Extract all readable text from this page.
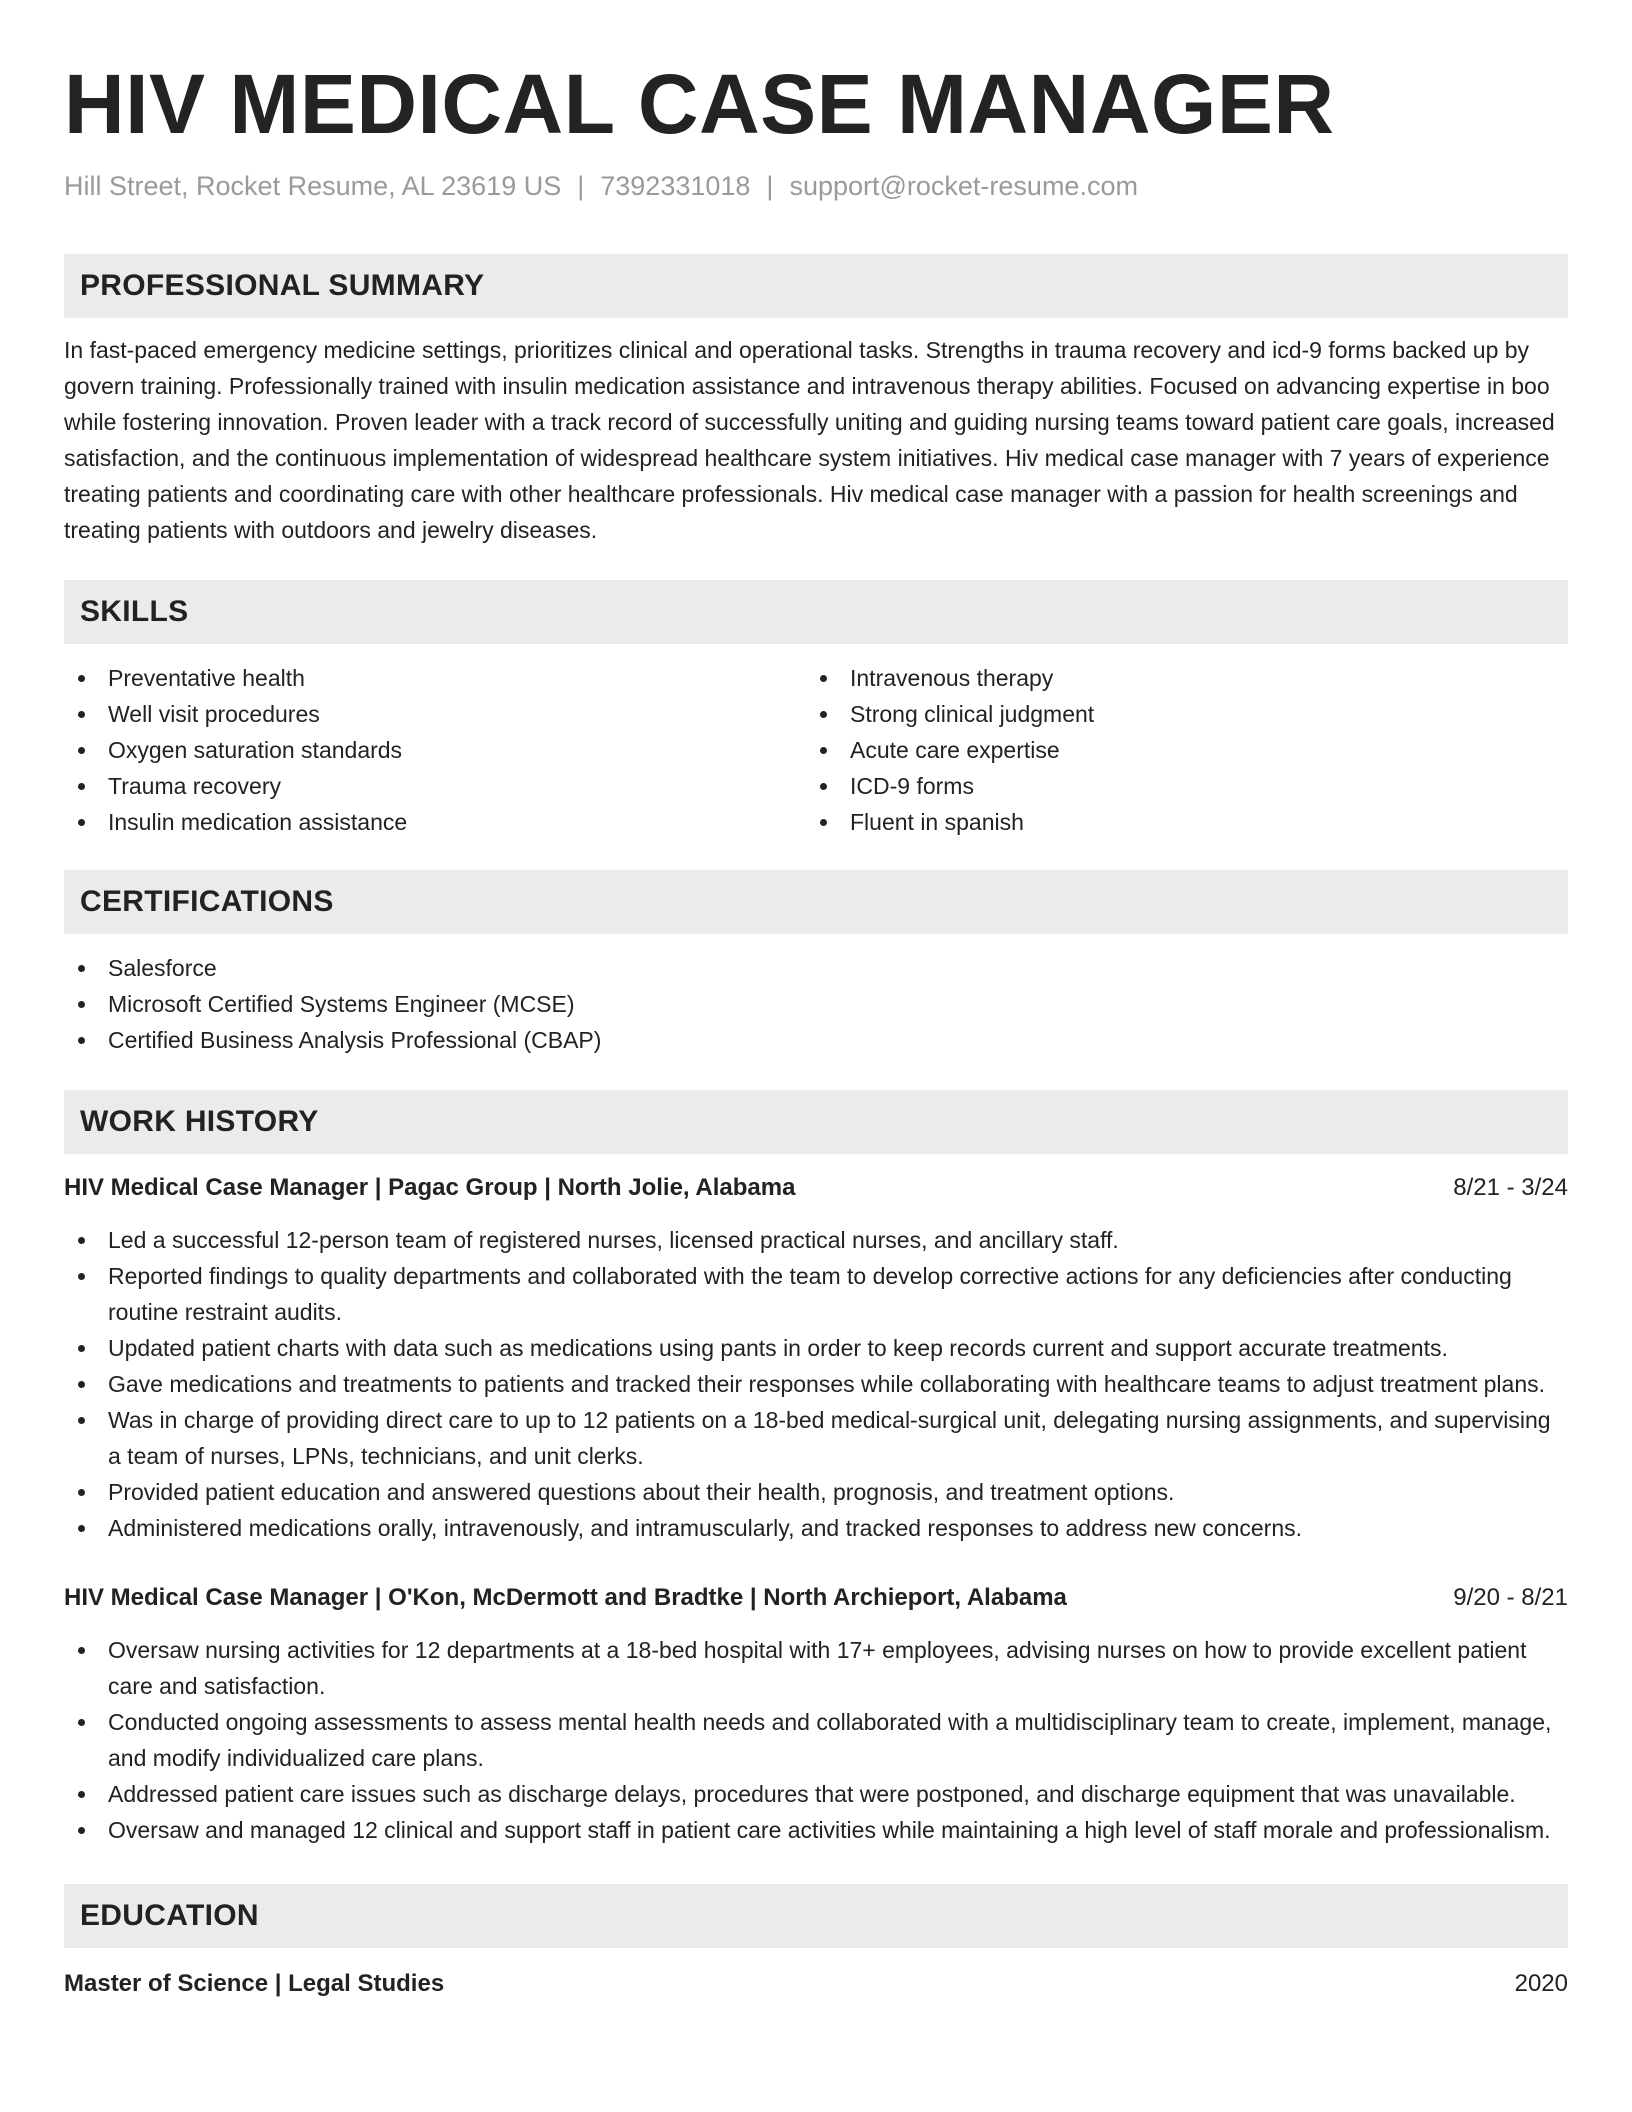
HIV MEDICAL CASE MANAGER
Hill Street, Rocket Resume, AL 23619 US | 7392331018 | support@rocket-resume.com
PROFESSIONAL SUMMARY
In fast-paced emergency medicine settings, prioritizes clinical and operational tasks. Strengths in trauma recovery and icd-9 forms backed up by govern training. Professionally trained with insulin medication assistance and intravenous therapy abilities. Focused on advancing expertise in boo while fostering innovation. Proven leader with a track record of successfully uniting and guiding nursing teams toward patient care goals, increased satisfaction, and the continuous implementation of widespread healthcare system initiatives. Hiv medical case manager with 7 years of experience treating patients and coordinating care with other healthcare professionals. Hiv medical case manager with a passion for health screenings and treating patients with outdoors and jewelry diseases.
SKILLS
Preventative health
Well visit procedures
Oxygen saturation standards
Trauma recovery
Insulin medication assistance
Intravenous therapy
Strong clinical judgment
Acute care expertise
ICD-9 forms
Fluent in spanish
CERTIFICATIONS
Salesforce
Microsoft Certified Systems Engineer (MCSE)
Certified Business Analysis Professional (CBAP)
WORK HISTORY
HIV Medical Case Manager | Pagac Group | North Jolie, Alabama	8/21 - 3/24
Led a successful 12-person team of registered nurses, licensed practical nurses, and ancillary staff.
Reported findings to quality departments and collaborated with the team to develop corrective actions for any deficiencies after conducting routine restraint audits.
Updated patient charts with data such as medications using pants in order to keep records current and support accurate treatments.
Gave medications and treatments to patients and tracked their responses while collaborating with healthcare teams to adjust treatment plans.
Was in charge of providing direct care to up to 12 patients on a 18-bed medical-surgical unit, delegating nursing assignments, and supervising a team of nurses, LPNs, technicians, and unit clerks.
Provided patient education and answered questions about their health, prognosis, and treatment options.
Administered medications orally, intravenously, and intramuscularly, and tracked responses to address new concerns.
HIV Medical Case Manager | O'Kon, McDermott and Bradtke | North Archieport, Alabama	9/20 - 8/21
Oversaw nursing activities for 12 departments at a 18-bed hospital with 17+ employees, advising nurses on how to provide excellent patient care and satisfaction.
Conducted ongoing assessments to assess mental health needs and collaborated with a multidisciplinary team to create, implement, manage, and modify individualized care plans.
Addressed patient care issues such as discharge delays, procedures that were postponed, and discharge equipment that was unavailable.
Oversaw and managed 12 clinical and support staff in patient care activities while maintaining a high level of staff morale and professionalism.
EDUCATION
Master of Science | Legal Studies	2020
